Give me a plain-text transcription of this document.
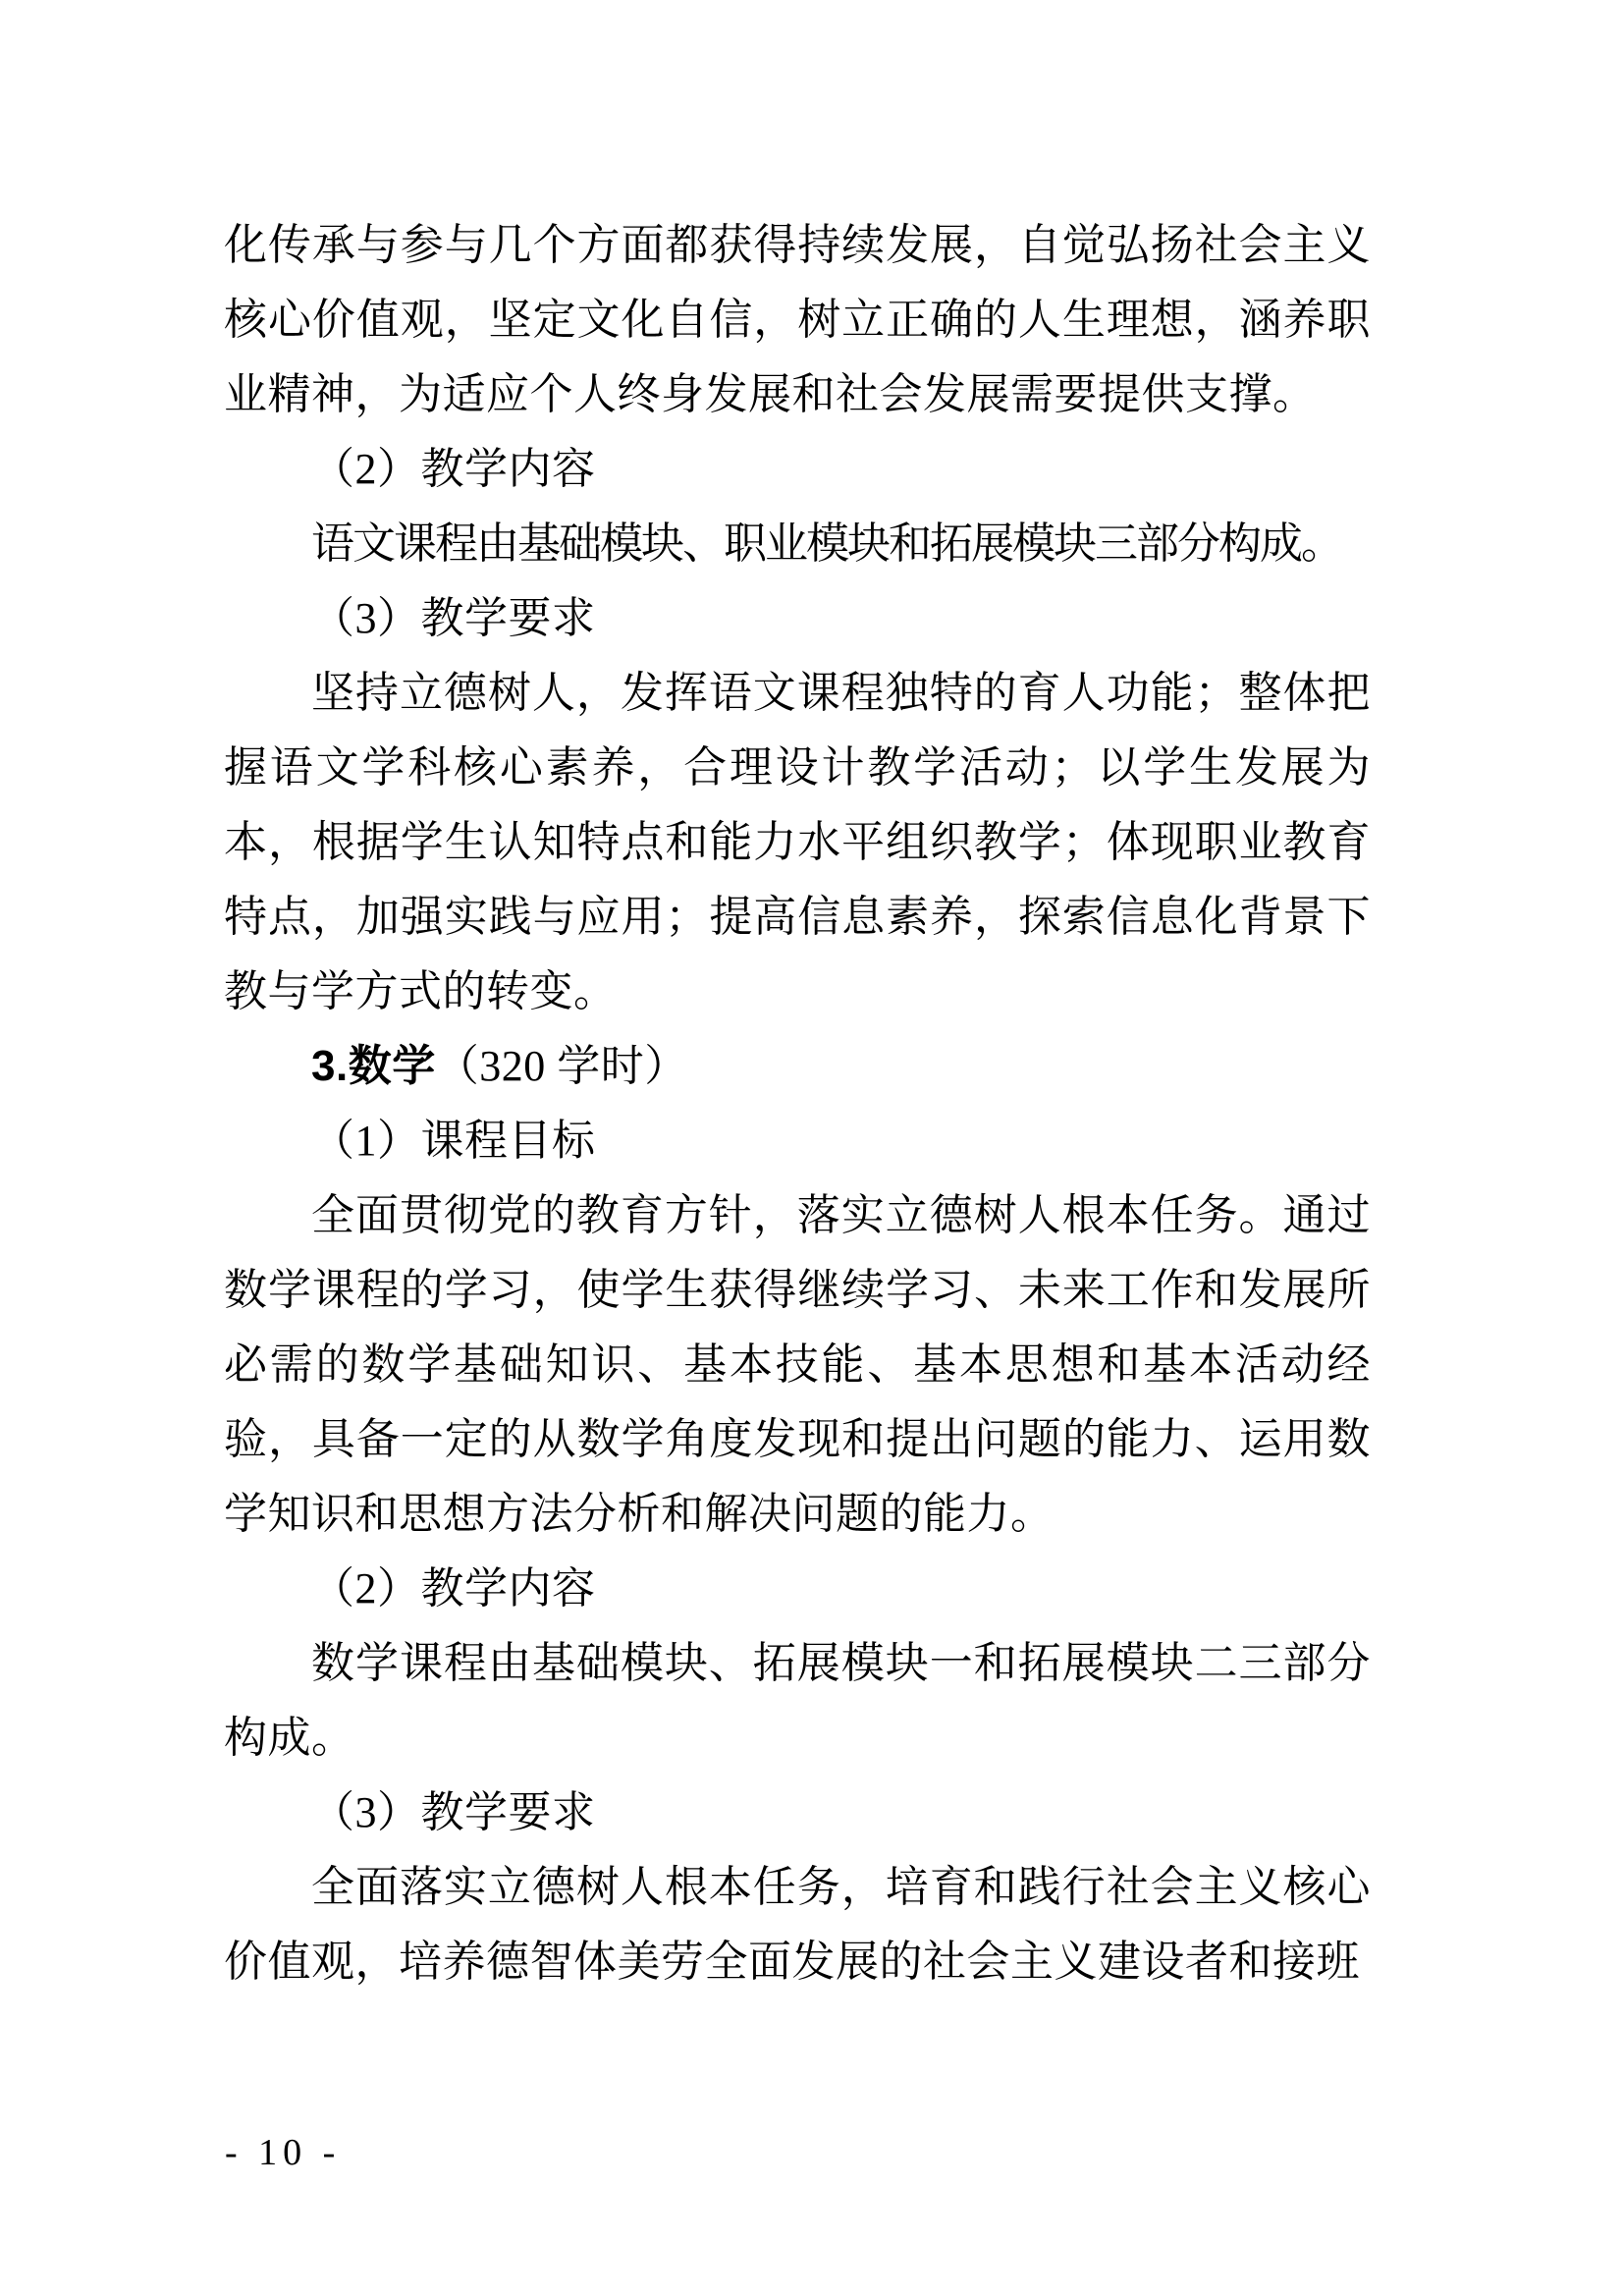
化传承与参与几个方面都获得持续发展，自觉弘扬社会主义核心价值观，坚定文化自信，树立正确的人生理想，涵养职业精神，为适应个人终身发展和社会发展需要提供支撑。

（2）教学内容

语文课程由基础模块、职业模块和拓展模块三部分构成。

（3）教学要求

坚持立德树人，发挥语文课程独特的育人功能；整体把握语文学科核心素养，合理设计教学活动；以学生发展为本，根据学生认知特点和能力水平组织教学；体现职业教育特点，加强实践与应用；提高信息素养，探索信息化背景下教与学方式的转变。

3.数学（320 学时）

（1）课程目标

全面贯彻党的教育方针，落实立德树人根本任务。通过数学课程的学习，使学生获得继续学习、未来工作和发展所必需的数学基础知识、基本技能、基本思想和基本活动经验，具备一定的从数学角度发现和提出问题的能力、运用数学知识和思想方法分析和解决问题的能力。

（2）教学内容

数学课程由基础模块、拓展模块一和拓展模块二三部分构成。

（3）教学要求

全面落实立德树人根本任务，培育和践行社会主义核心价值观，培养德智体美劳全面发展的社会主义建设者和接班

- 10 -
